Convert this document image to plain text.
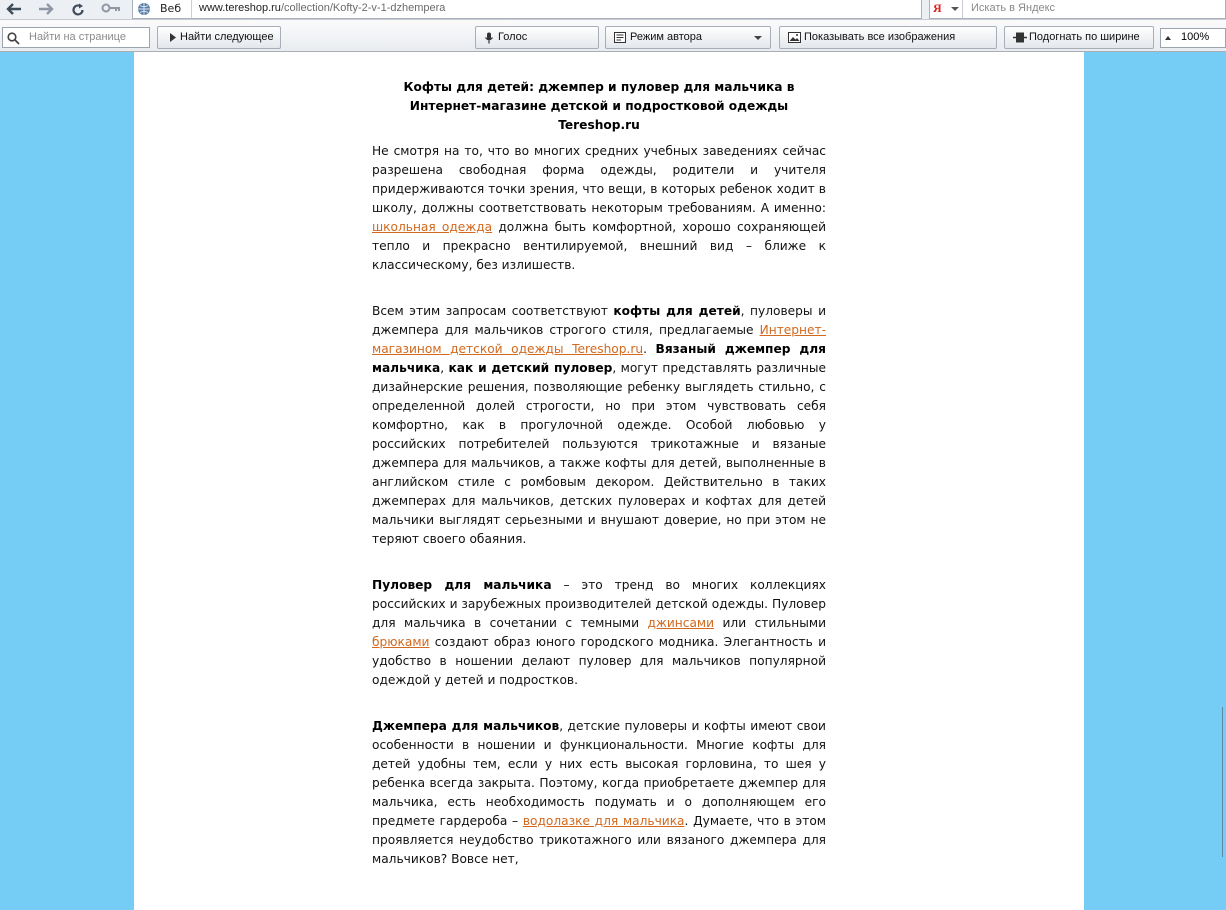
Веб www.tereshop.ru/collection/Kofty-2-v-1-dzhempera	Я	Искать в Яндекс
Найти на странице	Найти следующее	Голос	Режим автора	Показывать все изображения	Подогнать по ширине	100%
Кофты для детей: джемпер и пуловер для мальчика в Интернет-магазине детской и подростковой одежды Tereshop.ru

Не смотря на то, что во многих средних учебных заведениях сейчас разрешена свободная форма одежды, родители и учителя придерживаются точки зрения, что вещи, в которых ребенок ходит в школу, должны соответствовать некоторым требованиям. А именно: школьная одежда должна быть комфортной, хорошо сохраняющей тепло и прекрасно вентилируемой, внешний вид – ближе к классическому, без излишеств.

Всем этим запросам соответствуют кофты для детей, пуловеры и джемпера для мальчиков строгого стиля, предлагаемые Интернет-магазином детской одежды Tereshop.ru. Вязаный джемпер для мальчика, как и детский пуловер, могут представлять различные дизайнерские решения, позволяющие ребенку выглядеть стильно, с определенной долей строгости, но при этом чувствовать себя комфортно, как в прогулочной одежде. Особой любовью у российских потребителей пользуются трикотажные и вязаные джемпера для мальчиков, а также кофты для детей, выполненные в английском стиле с ромбовым декором. Действительно в таких джемперах для мальчиков, детских пуловерах и кофтах для детей мальчики выглядят серьезными и внушают доверие, но при этом не теряют своего обаяния.

Пуловер для мальчика – это тренд во многих коллекциях российских и зарубежных производителей детской одежды. Пуловер для мальчика в сочетании с темными джинсами или стильными брюками создают образ юного городского модника. Элегантность и удобство в ношении делают пуловер для мальчиков популярной одеждой у детей и подростков.

Джемпера для мальчиков, детские пуловеры и кофты имеют свои особенности в ношении и функциональности. Многие кофты для детей удобны тем, если у них есть высокая горловина, то шея у ребенка всегда закрыта. Поэтому, когда приобретаете джемпер для мальчика, есть необходимость подумать и о дополняющем его предмете гардероба – водолазке для мальчика. Думаете, что в этом проявляется неудобство трикотажного или вязаного джемпера для мальчиков? Вовсе нет,
